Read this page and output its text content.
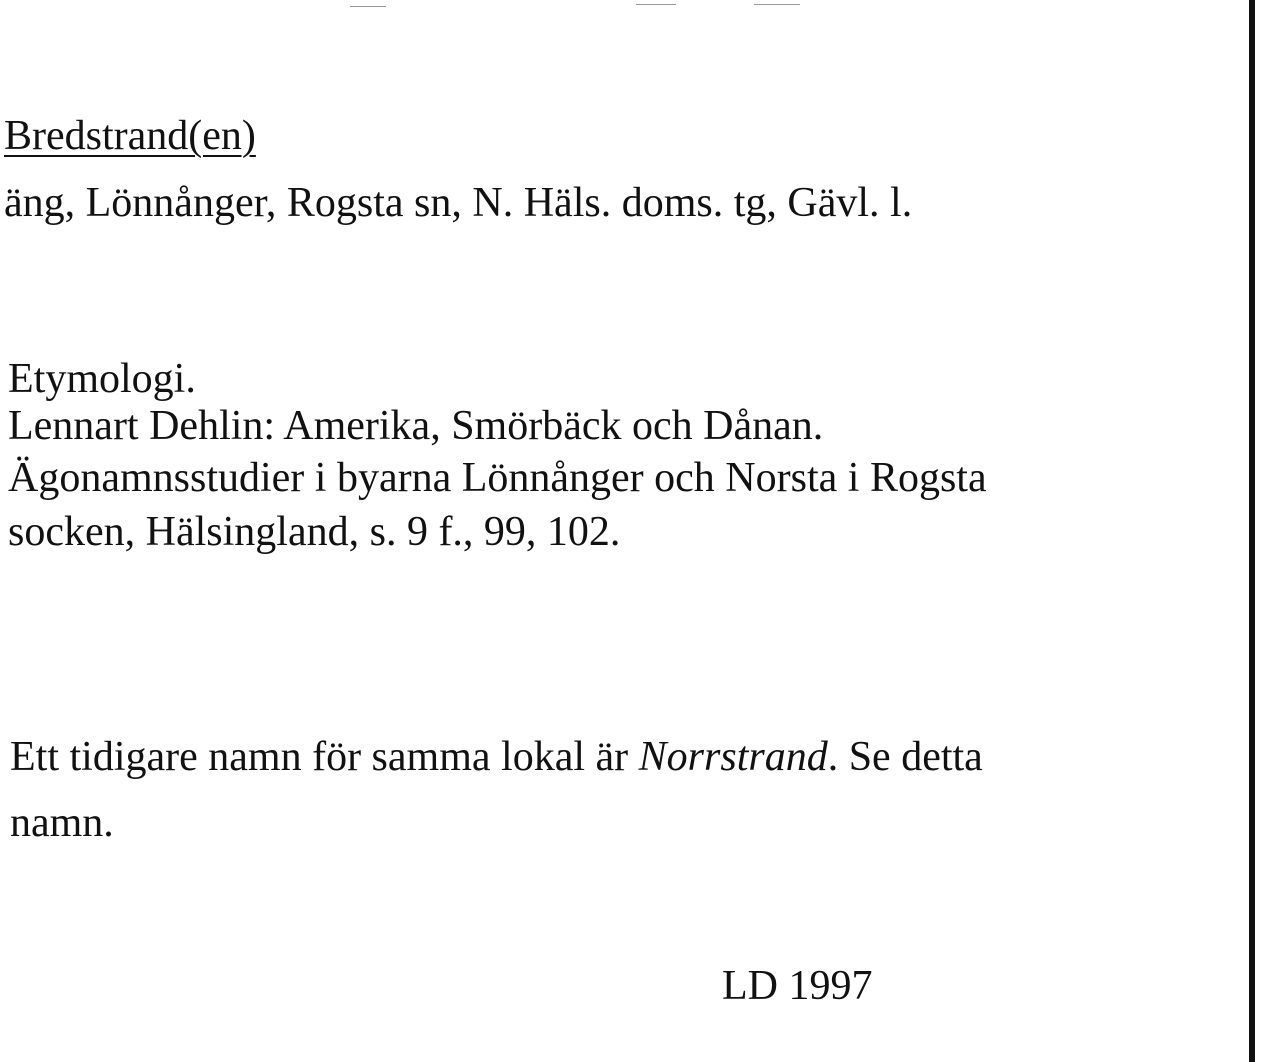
Bredstrand(en)
äng, Lönnånger, Rogsta sn, N. Häls. doms. tg, Gävl. l.
Etymologi.
Lennart Dehlin: Amerika, Smörbäck och Dånan.
Ägonamnsstudier i byarna Lönnånger och Norsta i Rogsta
socken, Hälsingland, s. 9 f., 99, 102.
Ett tidigare namn för samma lokal är Norrstrand. Se detta
namn.
LD 1997
